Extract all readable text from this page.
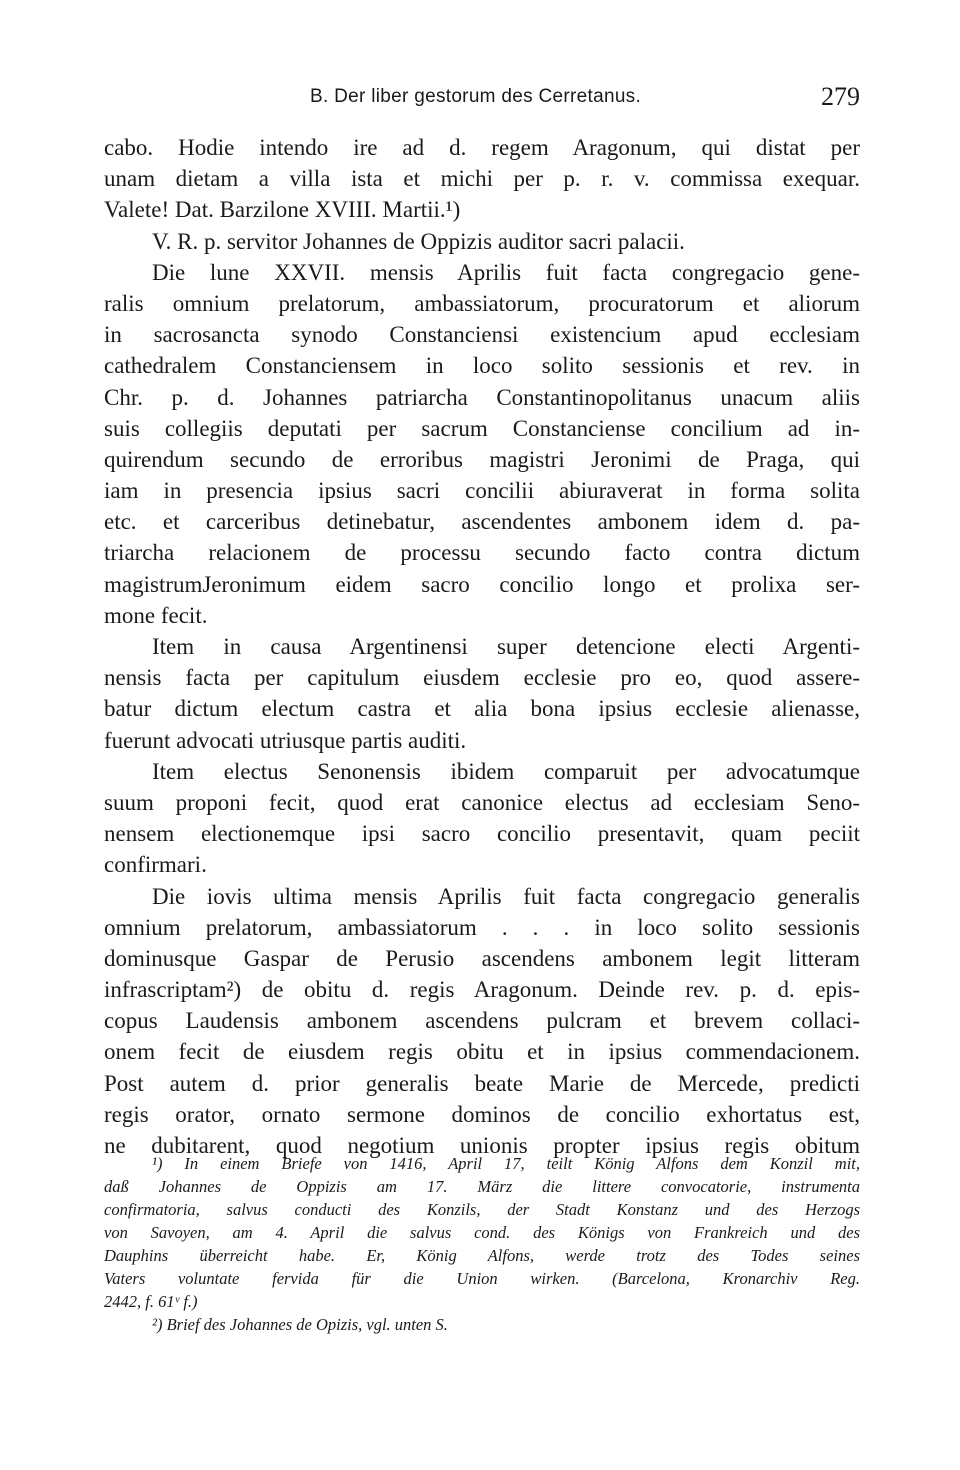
B. Der liber gestorum des Cerretanus.	279
cabo. Hodie intendo ire ad d. regem Aragonum, qui distat per
unam dietam a villa ista et michi per p. r. v. commissa exequar.
Valete! Dat. Barzilone XVIII. Martii.¹)
V. R. p. servitor Johannes de Oppizis auditor sacri palacii.
Die lune XXVII. mensis Aprilis fuit facta congregacio gene-
ralis omnium prelatorum, ambassiatorum, procuratorum et aliorum
in sacrosancta synodo Constanciensi existencium apud ecclesiam
cathedralem Constanciensem in loco solito sessionis et rev. in
Chr. p. d. Johannes patriarcha Constantinopolitanus unacum aliis
suis collegiis deputati per sacrum Constanciense concilium ad in-
quirendum secundo de erroribus magistri Jeronimi de Praga, qui
iam in presencia ipsius sacri concilii abiuraverat in forma solita
etc. et carceribus detinebatur, ascendentes ambonem idem d. pa-
triarcha relacionem de processu secundo facto contra dictum
magistrumJeronimum eidem sacro concilio longo et prolixa ser-
mone fecit.
Item in causa Argentinensi super detencione electi Argenti-
nensis facta per capitulum eiusdem ecclesie pro eo, quod assere-
batur dictum electum castra et alia bona ipsius ecclesie alienasse,
fuerunt advocati utriusque partis auditi.
Item electus Senonensis ibidem comparuit per advocatumque
suum proponi fecit, quod erat canonice electus ad ecclesiam Seno-
nensem electionemque ipsi sacro concilio presentavit, quam peciit
confirmari.
Die iovis ultima mensis Aprilis fuit facta congregacio generalis
omnium prelatorum, ambassiatorum . . . in loco solito sessionis
dominusque Gaspar de Perusio ascendens ambonem legit litteram
infrascriptam²) de obitu d. regis Aragonum. Deinde rev. p. d. epis-
copus Laudensis ambonem ascendens pulcram et brevem collaci-
onem fecit de eiusdem regis obitu et in ipsius commendacionem.
Post autem d. prior generalis beate Marie de Mercede, predicti
regis orator, ornato sermone dominos de concilio exhortatus est,
ne dubitarent, quod negotium unionis propter ipsius regis obitum
¹) In einem Briefe von 1416, April 17, teilt König Alfons dem Konzil mit,
daß Johannes de Oppizis am 17. März die littere convocatorie, instrumenta
confirmatoria, salvus conducti des Konzils, der Stadt Konstanz und des Herzogs
von Savoyen, am 4. April die salvus cond. des Königs von Frankreich und des
Dauphins überreicht habe. Er, König Alfons, werde trotz des Todes seines
Vaters voluntate fervida für die Union wirken. (Barcelona, Kronarchiv Reg.
2442, f. 61ᵛ f.)
²) Brief des Johannes de Opizis, vgl. unten S.
